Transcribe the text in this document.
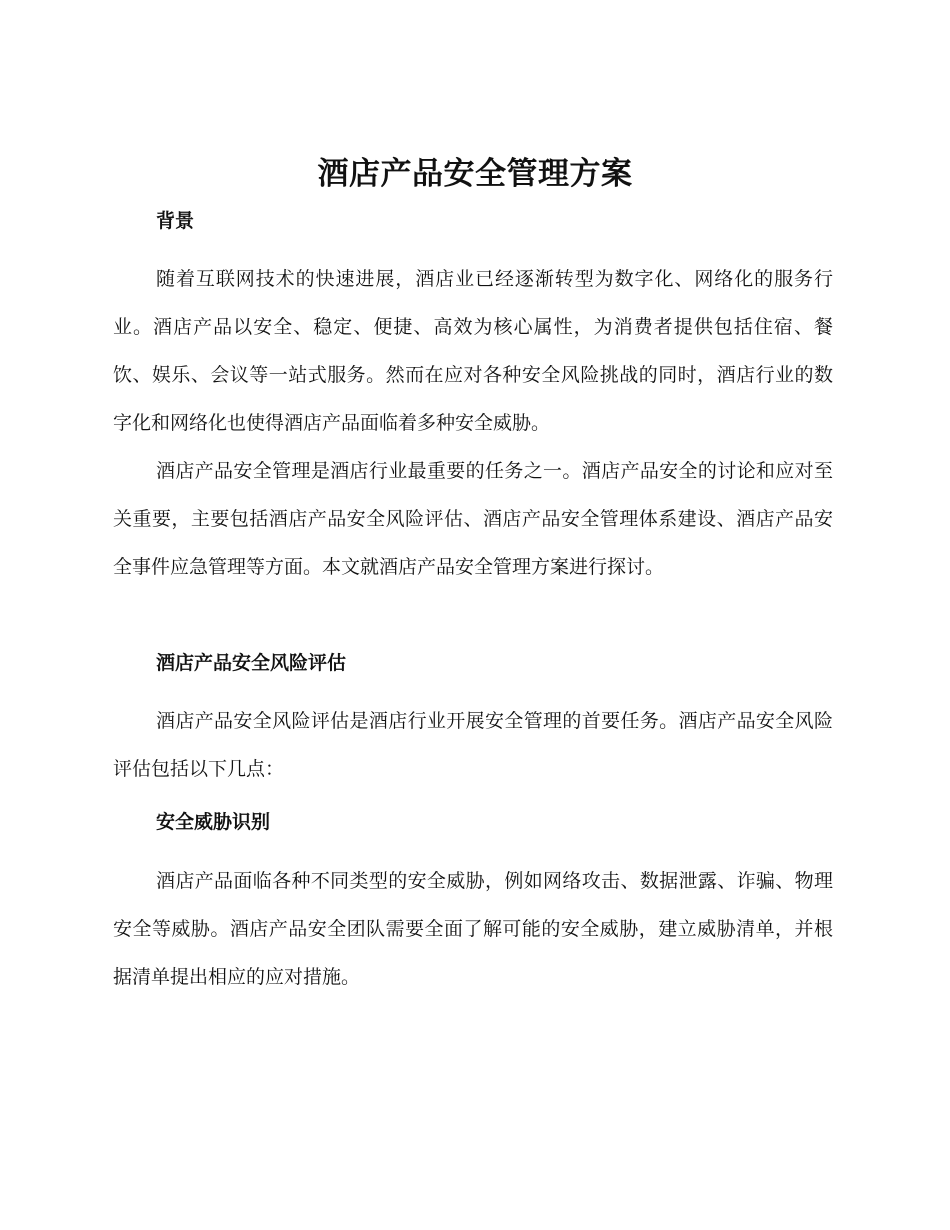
酒店产品安全管理方案
背景

随着互联网技术的快速进展，酒店业已经逐渐转型为数字化、网络化的服务行业。酒店产品以安全、稳定、便捷、高效为核心属性，为消费者提供包括住宿、餐饮、娱乐、会议等一站式服务。然而在应对各种安全风险挑战的同时，酒店行业的数字化和网络化也使得酒店产品面临着多种安全威胁。

酒店产品安全管理是酒店行业最重要的任务之一。酒店产品安全的讨论和应对至关重要，主要包括酒店产品安全风险评估、酒店产品安全管理体系建设、酒店产品安全事件应急管理等方面。本文就酒店产品安全管理方案进行探讨。

酒店产品安全风险评估

酒店产品安全风险评估是酒店行业开展安全管理的首要任务。酒店产品安全风险评估包括以下几点：

安全威胁识别

酒店产品面临各种不同类型的安全威胁，例如网络攻击、数据泄露、诈骗、物理安全等威胁。酒店产品安全团队需要全面了解可能的安全威胁，建立威胁清单，并根据清单提出相应的应对措施。
